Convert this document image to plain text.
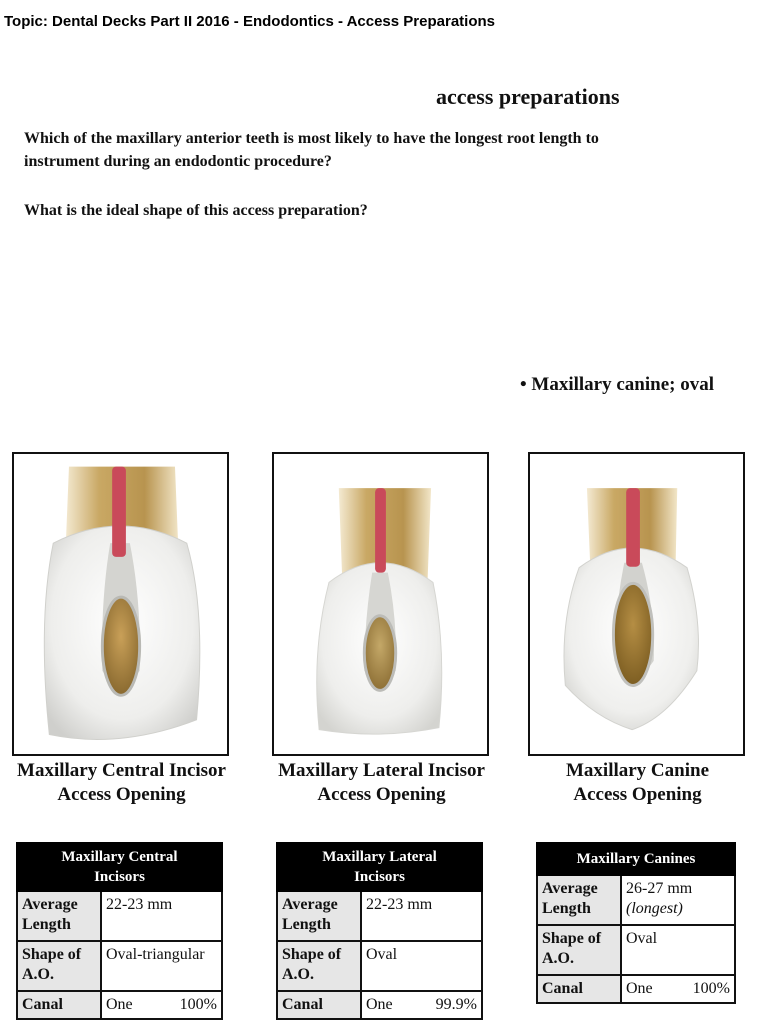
Topic: Dental Decks Part II 2016 - Endodontics - Access Preparations
access preparations
Which of the maxillary anterior teeth is most likely to have the longest root length to instrument during an endodontic procedure?
What is the ideal shape of this access preparation?
• Maxillary canine; oval
Maxillary Central Incisor
Access Opening
Maxillary Lateral Incisor
Access Opening
Maxillary Canine
Access Opening
Maxillary Central
Incisors	

Average Length	22-23 mm
Shape of A.O.	Oval-triangular
Canal	One 100%
Maxillary Lateral
Incisors	

Average Length	22-23 mm
Shape of A.O.	Oval
Canal	One 99.9%
Maxillary Canines	
Average Length	26-27 mm
(longest)

Shape of A.O.	Oval
Canal	One 100%
